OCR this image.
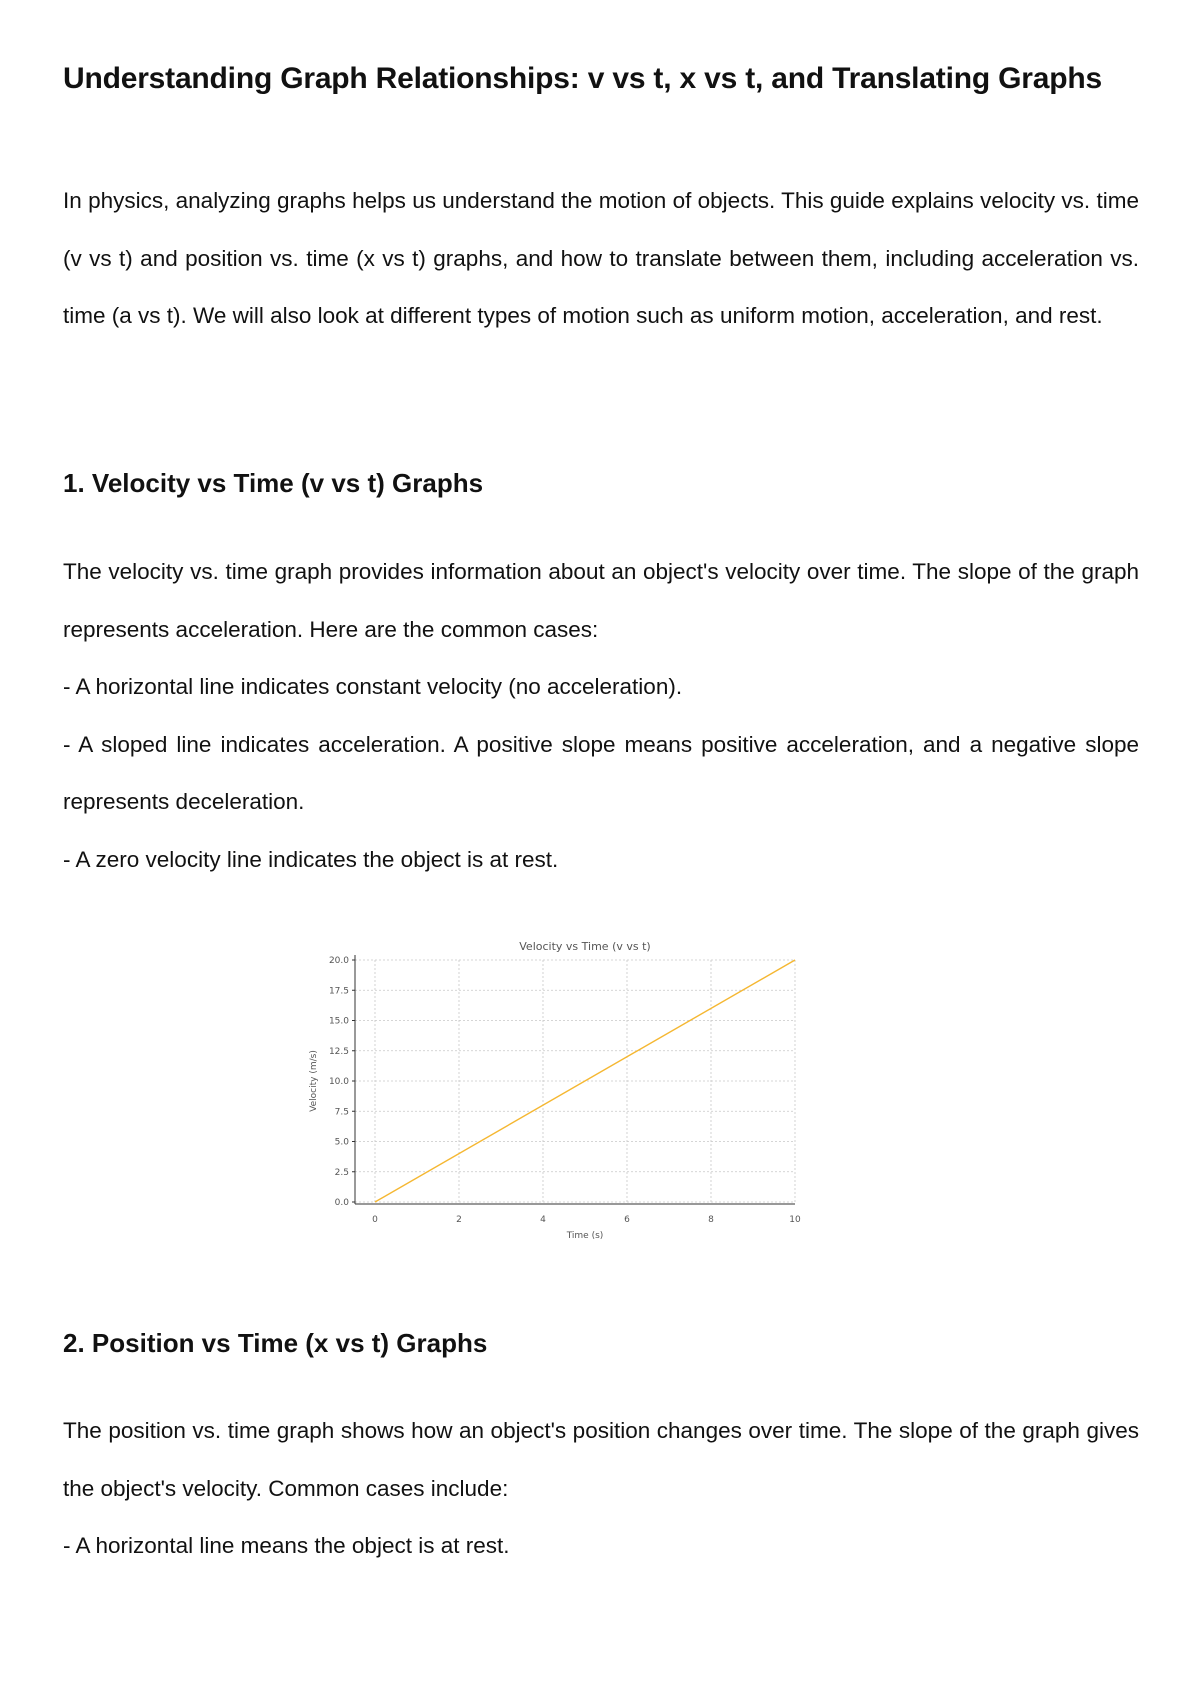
Understanding Graph Relationships: v vs t, x vs t, and Translating Graphs
In physics, analyzing graphs helps us understand the motion of objects. This guide explains velocity vs. time (v vs t) and position vs. time (x vs t) graphs, and how to translate between them, including acceleration vs. time (a vs t). We will also look at different types of motion such as uniform motion, acceleration, and rest.
1. Velocity vs Time (v vs t) Graphs
The velocity vs. time graph provides information about an object's velocity over time. The slope of the graph represents acceleration. Here are the common cases:
- A horizontal line indicates constant velocity (no acceleration).
- A sloped line indicates acceleration. A positive slope means positive acceleration, and a negative slope represents deceleration.
- A zero velocity line indicates the object is at rest.
0.0
2.5
5.0
7.5
10.0
12.5
15.0
17.5
20.0
0	2	4	6	8	10
Velocity vs Time (v vs t)
Time (s)
Velocity (m/s)
2. Position vs Time (x vs t) Graphs
The position vs. time graph shows how an object's position changes over time. The slope of the graph gives the object's velocity. Common cases include:
- A horizontal line means the object is at rest.
